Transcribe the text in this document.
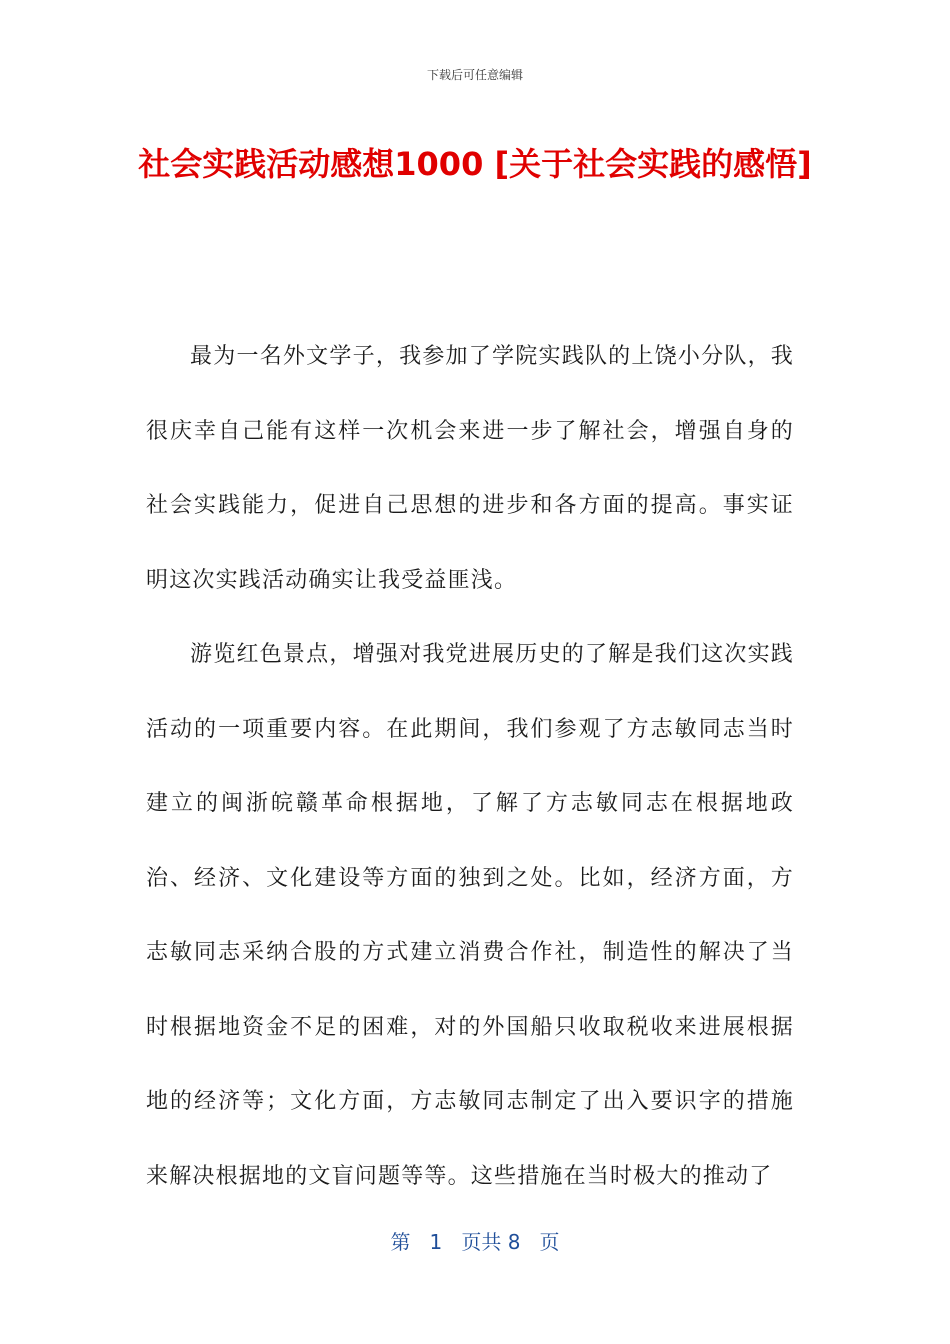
下载后可任意编辑
社会实践活动感想1000 [关于社会实践的感悟]

最为一名外文学子，我参加了学院实践队的上饶小分队，我很庆幸自己能有这样一次机会来进一步了解社会，增强自身的社会实践能力，促进自己思想的进步和各方面的提高。事实证明这次实践活动确实让我受益匪浅。

游览红色景点，增强对我党进展历史的了解是我们这次实践活动的一项重要内容。在此期间，我们参观了方志敏同志当时建立的闽浙皖赣革命根据地，了解了方志敏同志在根据地政治、经济、文化建设等方面的独到之处。比如，经济方面，方志敏同志采纳合股的方式建立消费合作社，制造性的解决了当时根据地资金不足的困难，对的外国船只收取税收来进展根据地的经济等；文化方面，方志敏同志制定了出入要识字的措施来解决根据地的文盲问题等等。这些措施在当时极大的推动了

第 1 页共 8 页
